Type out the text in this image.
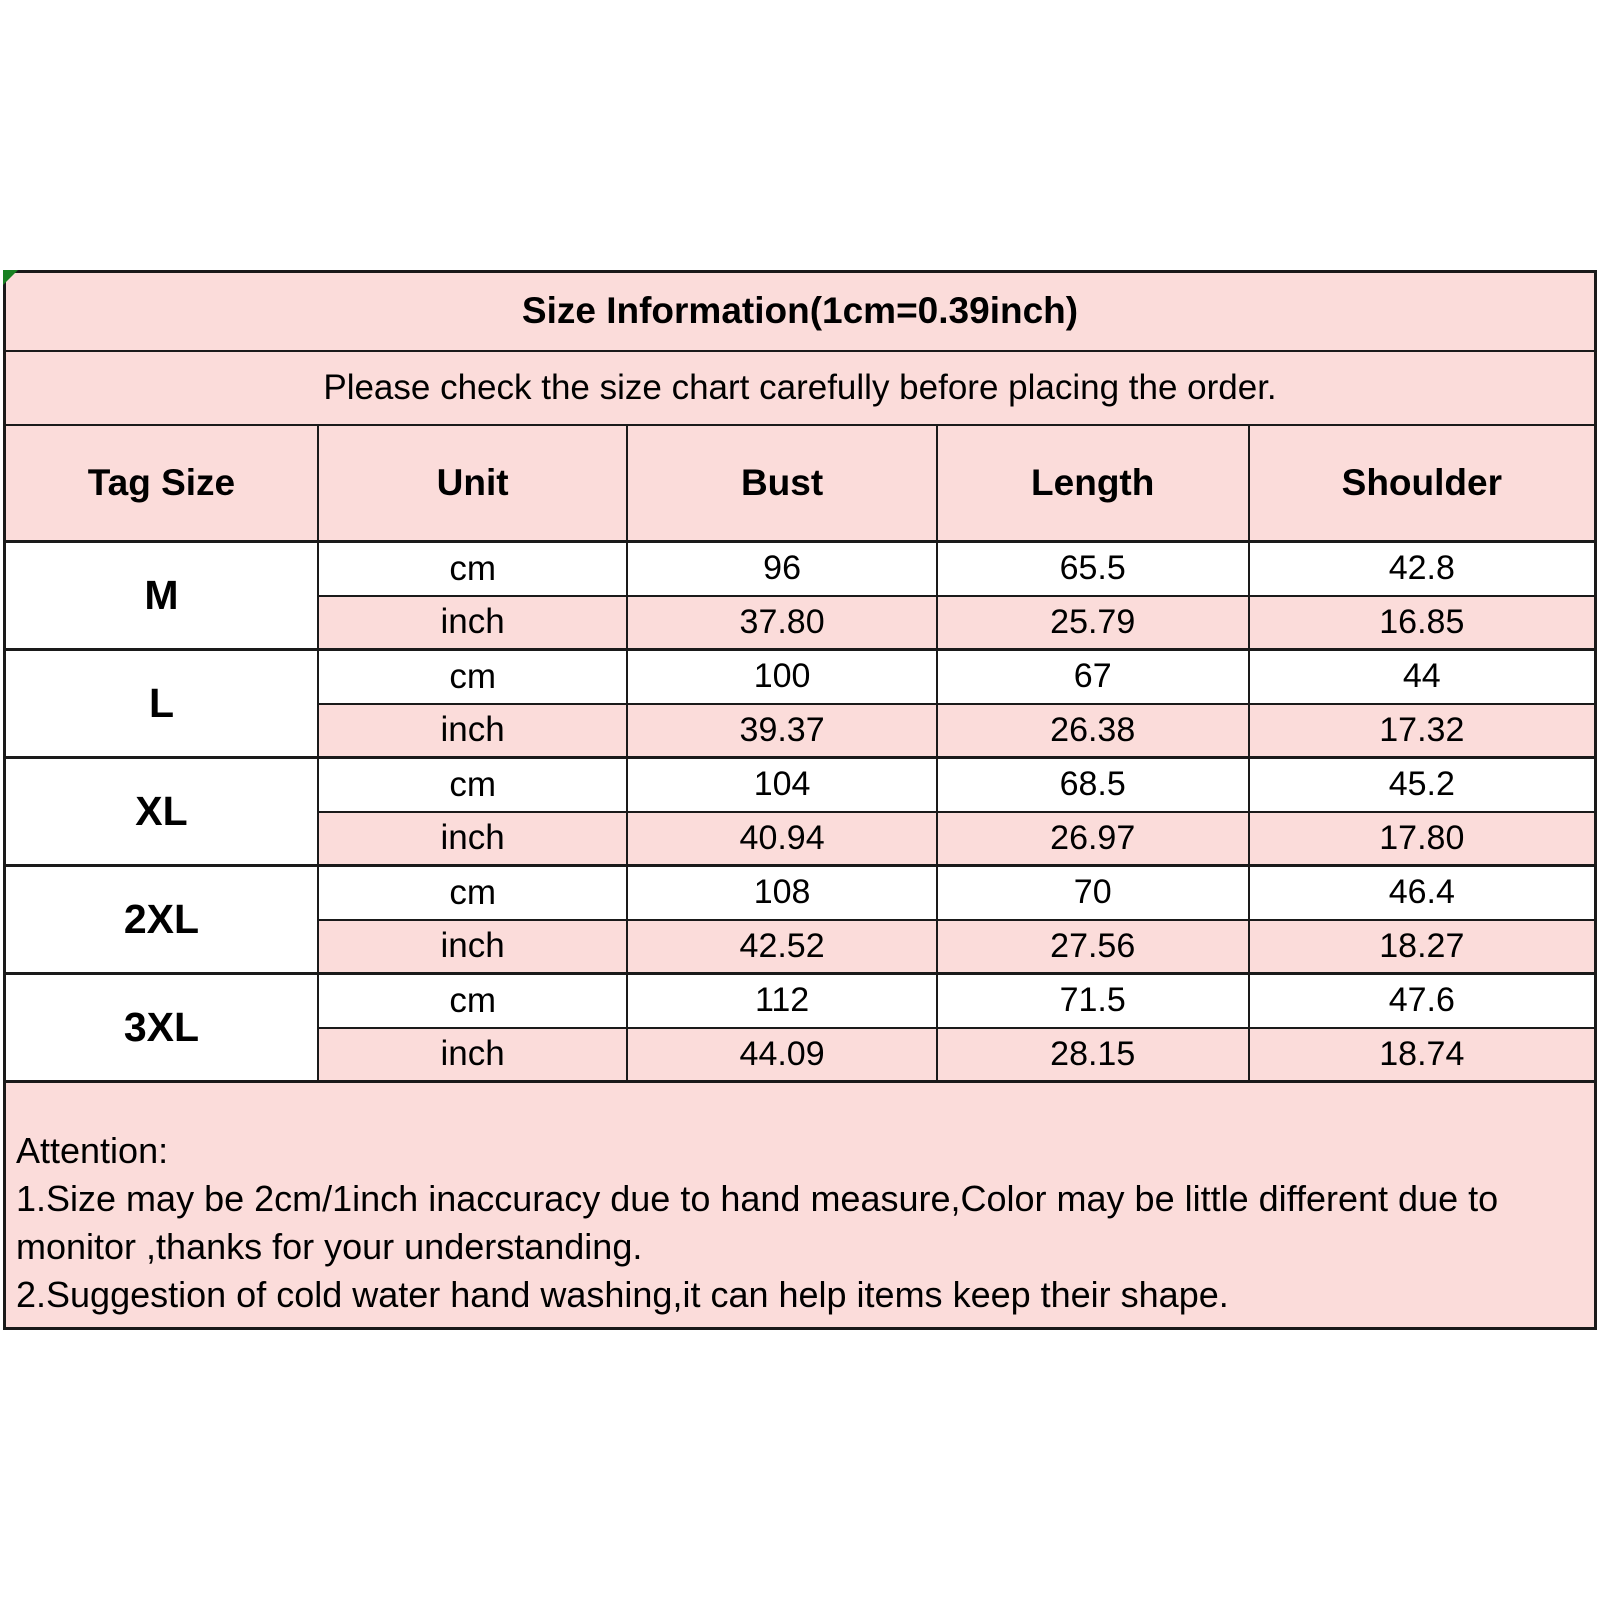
Size Information(1cm=0.39inch)				
Please check the size chart carefully before placing the order.				
Tag Size	Unit	Bust	Length	Shoulder
M	cm	96	65.5	42.8
	inch	37.80	25.79	16.85
L	cm	100	67	44
	inch	39.37	26.38	17.32
XL	cm	104	68.5	45.2
	inch	40.94	26.97	17.80
2XL	cm	108	70	46.4
	inch	42.52	27.56	18.27
3XL	cm	112	71.5	47.6
	inch	44.09	28.15	18.74

Attention:
1.Size may be 2cm/1inch inaccuracy due to hand measure,Color may be little different due to
monitor ,thanks for your understanding.
2.Suggestion of cold water hand washing,it can help items keep their shape.				
